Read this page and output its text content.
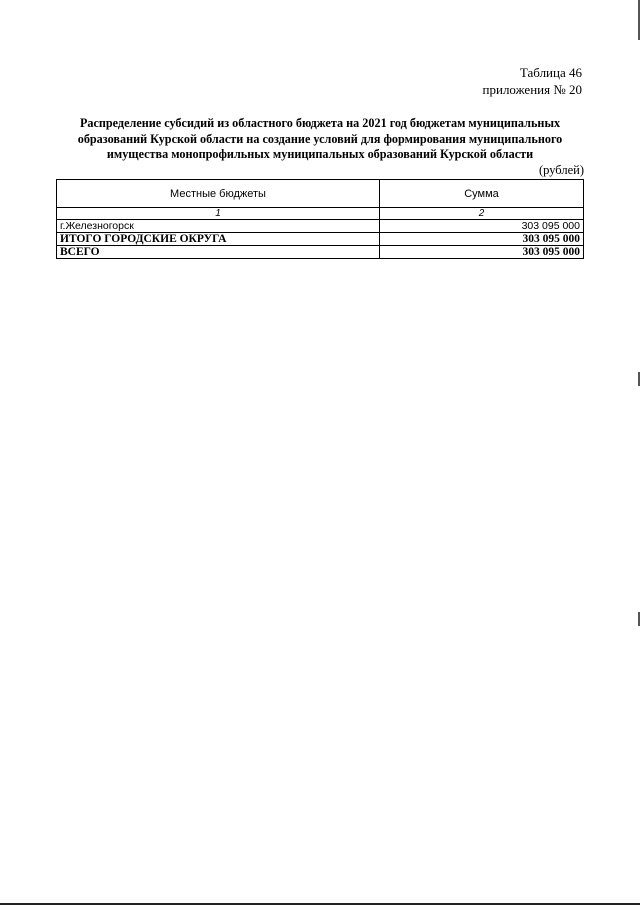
Таблица 46
приложения № 20
Распределение субсидий из областного бюджета на 2021 год бюджетам муниципальных
образований Курской области на создание условий для формирования муниципального
имущества монопрофильных муниципальных образований Курской области
(рублей)
Местные бюджеты	Сумма
1	2
г.Железногорск	303 095 000
ИТОГО ГОРОДСКИЕ ОКРУГА	303 095 000
ВСЕГО	303 095 000
